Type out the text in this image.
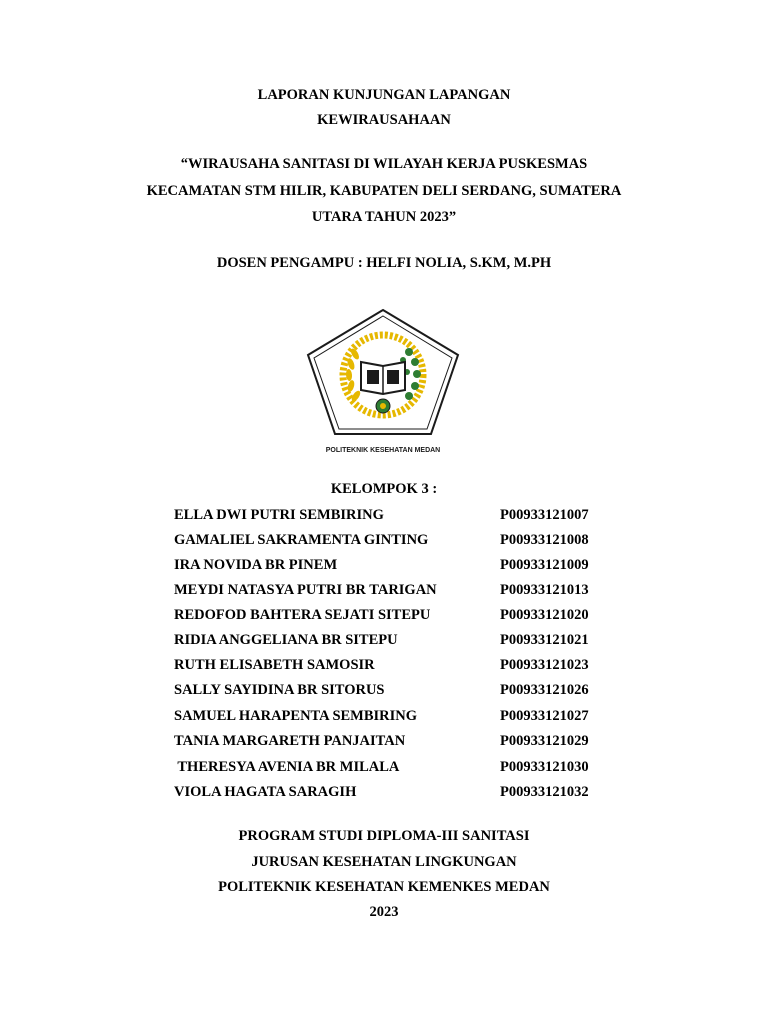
LAPORAN KUNJUNGAN LAPANGAN
KEWIRAUSAHAAN
“WIRAUSAHA SANITASI DI WILAYAH KERJA PUSKESMAS
KECAMATAN STM HILIR, KABUPATEN DELI SERDANG, SUMATERA
UTARA TAHUN 2023”
DOSEN PENGAMPU : HELFI NOLIA, S.KM, M.PH
POLITEKNIK KESEHATAN MEDAN
KELOMPOK 3 :
ELLA DWI PUTRI SEMBIRING	P00933121007
GAMALIEL SAKRAMENTA GINTING	P00933121008
IRA NOVIDA BR PINEM	P00933121009
MEYDI NATASYA PUTRI BR TARIGAN	P00933121013
REDOFOD BAHTERA SEJATI SITEPU	P00933121020
RIDIA ANGGELIANA BR SITEPU	P00933121021
RUTH ELISABETH SAMOSIR	P00933121023
SALLY SAYIDINA BR SITORUS	P00933121026
SAMUEL HARAPENTA SEMBIRING	P00933121027
TANIA MARGARETH PANJAITAN	P00933121029
THERESYA AVENIA BR MILALA	P00933121030
VIOLA HAGATA SARAGIH	P00933121032
PROGRAM STUDI DIPLOMA-III SANITASI
JURUSAN KESEHATAN LINGKUNGAN
POLITEKNIK KESEHATAN KEMENKES MEDAN
2023
